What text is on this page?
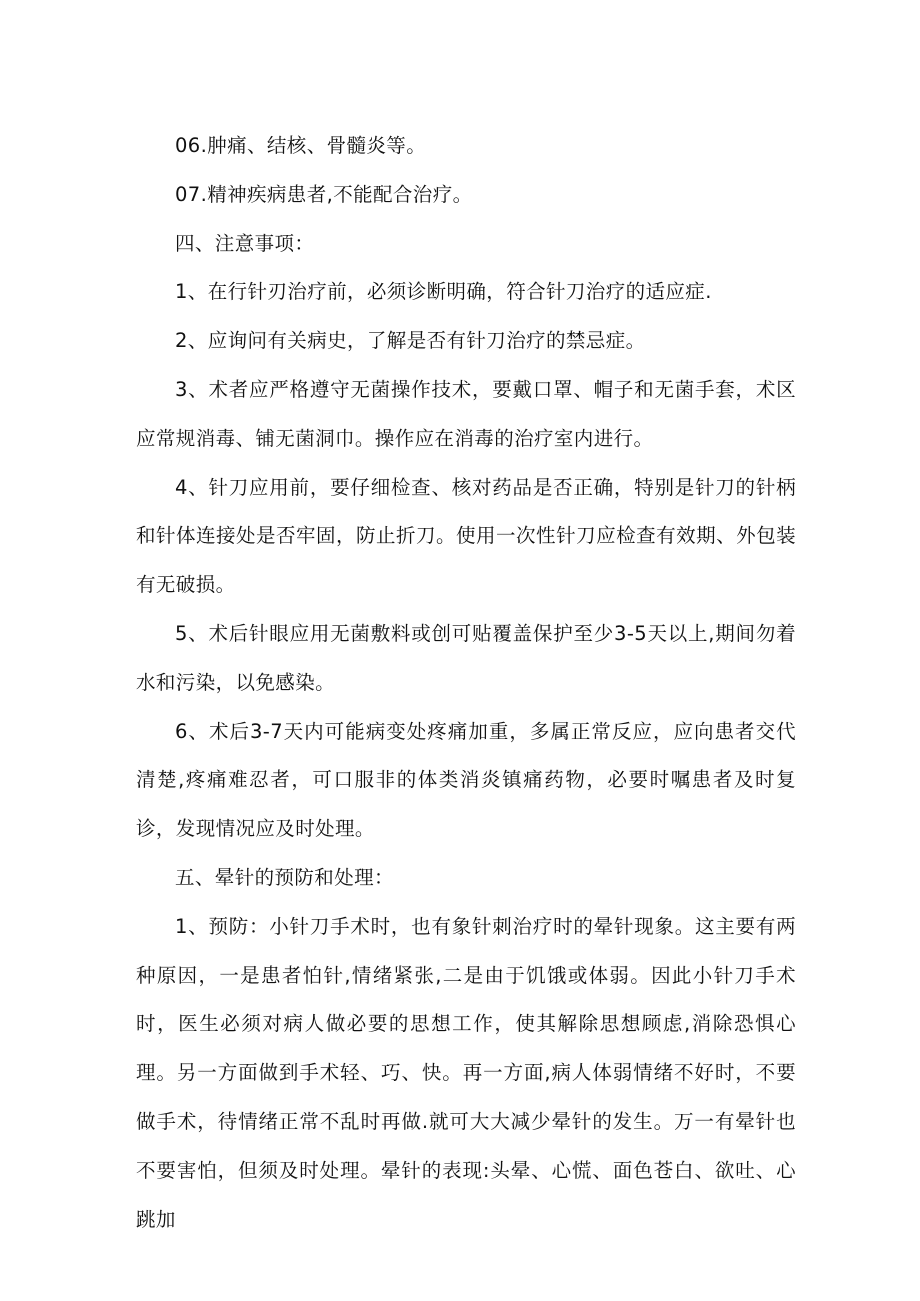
06.肿痛、结核、骨髓炎等。

07.精神疾病患者,不能配合治疗。

四、注意事项：

1、在行针刃治疗前，必须诊断明确，符合针刀治疗的适应症.

2、应询问有关病史，了解是否有针刀治疗的禁忌症。

3、术者应严格遵守无菌操作技术，要戴口罩、帽子和无菌手套，术区应常规消毒、铺无菌洞巾。操作应在消毒的治疗室内进行。

4、针刀应用前，要仔细检查、核对药品是否正确，特别是针刀的针柄和针体连接处是否牢固，防止折刀。使用一次性针刀应检查有效期、外包装有无破损。

5、术后针眼应用无菌敷料或创可贴覆盖保护至少3-5天以上,期间勿着水和污染，以免感染。

6、术后3-7天内可能病变处疼痛加重，多属正常反应，应向患者交代清楚,疼痛难忍者，可口服非的体类消炎镇痛药物，必要时嘱患者及时复诊，发现情况应及时处理。

五、晕针的预防和处理：

1、预防：小针刀手术时，也有象针刺治疗时的晕针现象。这主要有两种原因，一是患者怕针,情绪紧张,二是由于饥饿或体弱。因此小针刀手术时，医生必须对病人做必要的思想工作，使其解除思想顾虑,消除恐惧心理。另一方面做到手术轻、巧、快。再一方面,病人体弱情绪不好时，不要做手术，待情绪正常不乱时再做.就可大大减少晕针的发生。万一有晕针也不要害怕，但须及时处理。晕针的表现:头晕、心慌、面色苍白、欲吐、心跳加
